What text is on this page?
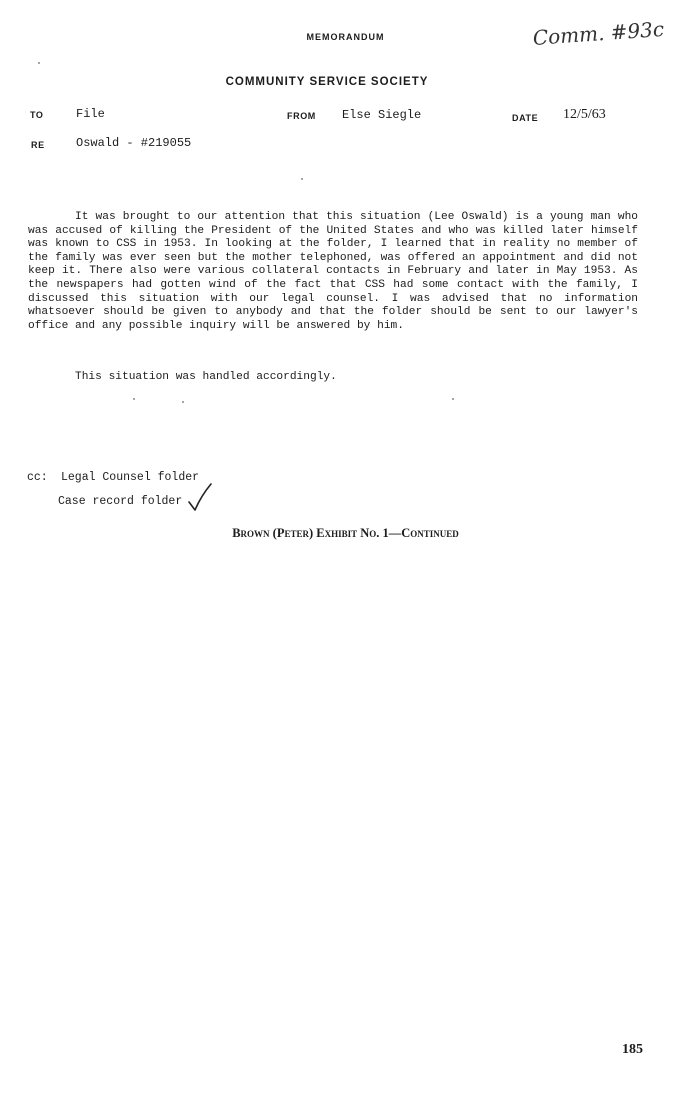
MEMORANDUM	Comm. #93c
COMMUNITY SERVICE SOCIETY
TO	File	FROM Else Siegle	DATE 12/5/63
RE	Oswald - #219055

It was brought to our attention that this situation (Lee Oswald) is a young man who was accused of killing the President of the United States and who was killed later himself was known to CSS in 1953. In looking at the folder, I learned that in reality no member of the family was ever seen but the mother telephoned, was offered an appointment and did not keep it. There also were various collateral contacts in February and later in May 1953. As the newspapers had gotten wind of the fact that CSS had some contact with the family, I discussed this situation with our legal counsel. I was advised that no information whatsoever should be given to anybody and that the folder should be sent to our lawyer's office and any possible inquiry will be answered by him.

This situation was handled accordingly.
cc: Legal Counsel folder
Case record folder
Brown (Peter) Exhibit No. 1—Continued
185
